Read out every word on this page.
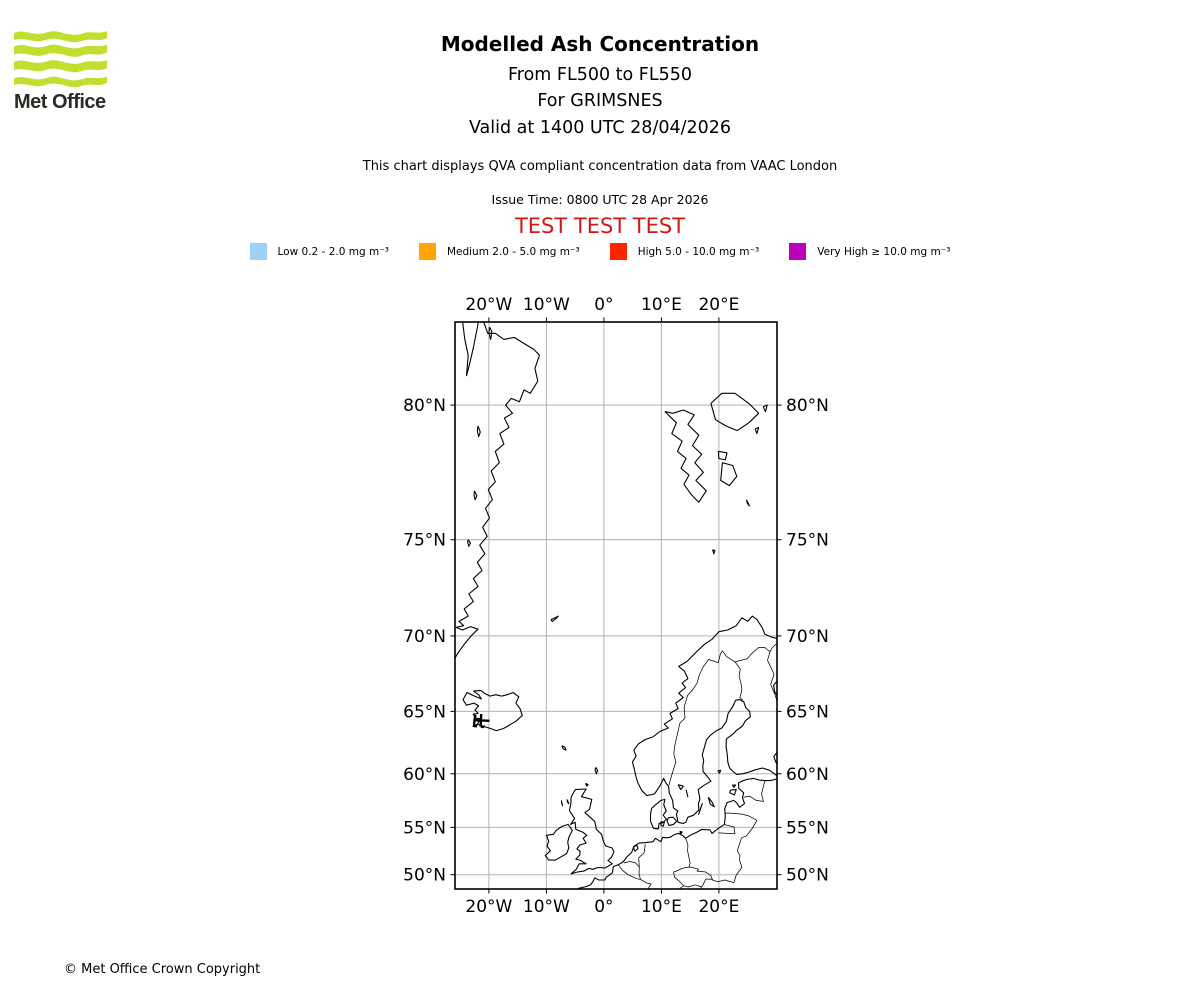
Met Office
Modelled Ash Concentration
From FL500 to FL550
For GRIMSNES
Valid at 1400 UTC 28/04/2026
This chart displays QVA compliant concentration data from VAAC London
Issue Time: 0800 UTC 28 Apr 2026
TEST TEST TEST
Low 0.2 - 2.0 mg m⁻³	Medium 2.0 - 5.0 mg m⁻³	High 5.0 - 10.0 mg m⁻³	Very High ≥ 10.0 mg m⁻³
20°W
20°W
10°W
10°W
0°
0°
10°E
10°E
20°E
20°E
80°N	80°N
75°N	75°N
70°N	70°N
65°N	65°N
60°N	60°N
55°N	55°N
50°N	50°N
© Met Office Crown Copyright
